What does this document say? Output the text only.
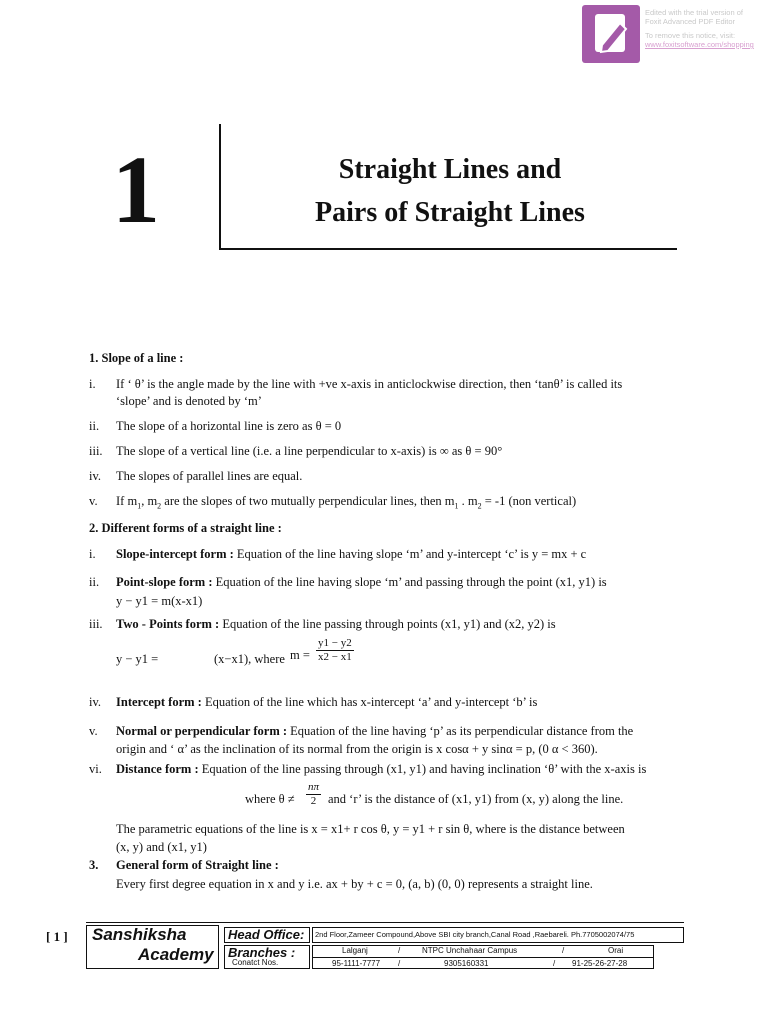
Edited with the trial version of
Foxit Advanced PDF Editor
To remove this notice, visit:
www.foxitsoftware.com/shopping
1	Straight Lines and
Pairs of Straight Lines
1. Slope of a line :
i. If ‘ θ’ is the angle made by the line with +ve x-axis in anticlockwise direction, then ‘tanθ’ is called its
‘slope’ and is denoted by ‘m’
ii. The slope of a horizontal line is zero as θ = 0
iii. The slope of a vertical line (i.e. a line perpendicular to x-axis) is ∞ as θ = 90°
iv. The slopes of parallel lines are equal.
v. If $m_1$, $m_2$ are the slopes of two mutually perpendicular lines, then $m_1$ . $m_2 = -1$ (non vertical)
2. Different forms of a straight line :
i. Slope-intercept form : Equation of the line having slope ‘m’ and y-intercept ‘c’ is y = mx + c
ii. Point-slope form : Equation of the line having slope ‘m’ and passing through the point (x1, y1) is
y − y1 = m(x-x1)
iii. Two - Points form : Equation of the line passing through points (x1, y1) and (x2, y2) is
y − y1 =	(x−x1), where $m = \frac{y1 - y2}{x2 - x1}$
iv. Intercept form : Equation of the line which has x-intercept ‘a’ and y-intercept ‘b’ is
v. Normal or perpendicular form : Equation of the line having ‘p’ as its perpendicular distance from the
origin and ‘ α’ as the inclination of its normal from the origin is x cosα + y sinα = p, (0 α < 360).
vi. Distance form : Equation of the line passing through (x1, y1) and having inclination ‘θ’ with the x-axis is
where $\theta \ne \frac{n\pi}{2}$ and ‘r’ is the distance of (x1, y1) from (x, y) along the line.
The parametric equations of the line is x = x1+ r cos θ, y = y1 + r sin θ, where is the distance between
(x, y) and (x1, y1)
3. General form of Straight line :
Every first degree equation in x and y i.e. ax + by + c = 0, (a, b) (0, 0) represents a straight line.
[ 1 ] Sanshiksha
Academy
Head Office:
Branches :
Conatct Nos.
2nd Floor,Zameer Compound,Above SBI city branch,Canal Road ,Raebareli. Ph.7705002074/75
Lalganj	/	NTPC Unchahaar Campus	/	Orai
95-1111-7777 /	9305160331	/ 91-25-26-27-28
